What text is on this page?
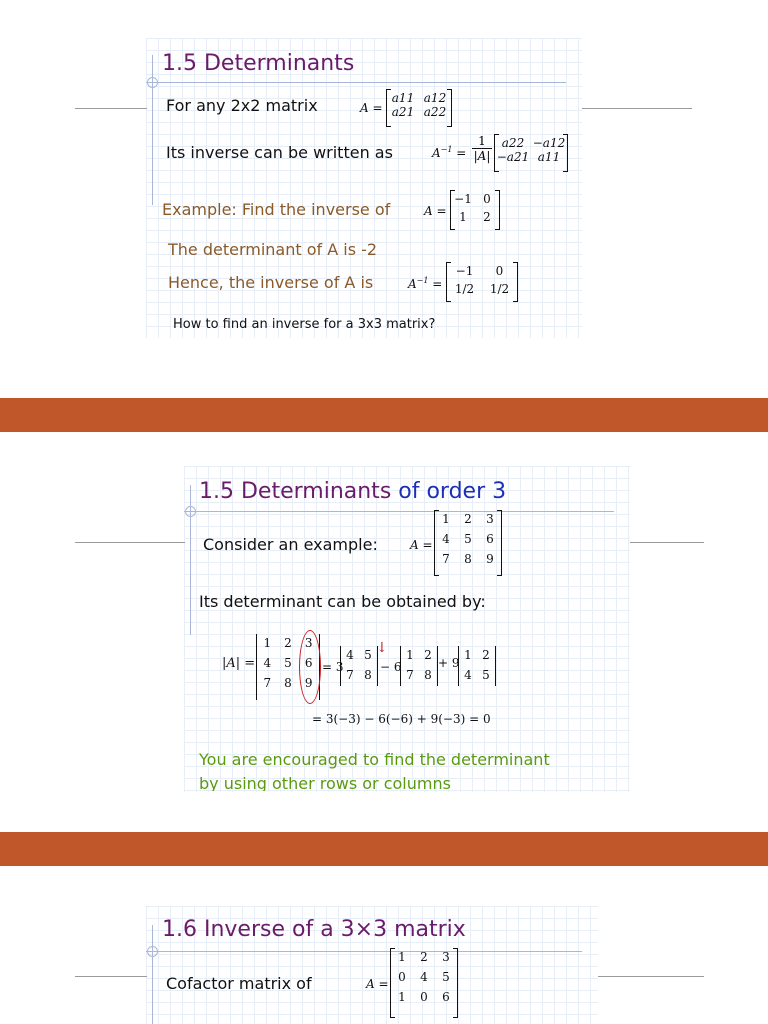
1.5 Determinants
For any 2x2 matrix	A =
a11 a12
a21 a22
Its inverse can be written as	$A^{-1} = \frac{1}{|A|} a22 -a12$
−a21 a11
Example: Find the inverse of	A =
−1 0
1	2
The determinant of A is -2
Hence, the inverse of A is	$A^{-1}$ =
−1	0
1/2	1/2
How to find an inverse for a 3x3 matrix?
1.5 Determinants of order 3
Consider an example:	A =
1	2	3
4	5	6
7	8	9
Its determinant can be obtained by:
|A| =
1	2	3
4	5	6
7	8	9
= 3
4 5
7 8
↓
− 6
1 2
7 8
+ 9
1 2
4 5
= 3(−3) − 6(−6) + 9(−3) = 0
You are encouraged to find the determinant
by using other rows or columns
1.6 Inverse of a 3×3 matrix
Cofactor matrix of	A =
1	2	3
0	4	5
1	0	6
